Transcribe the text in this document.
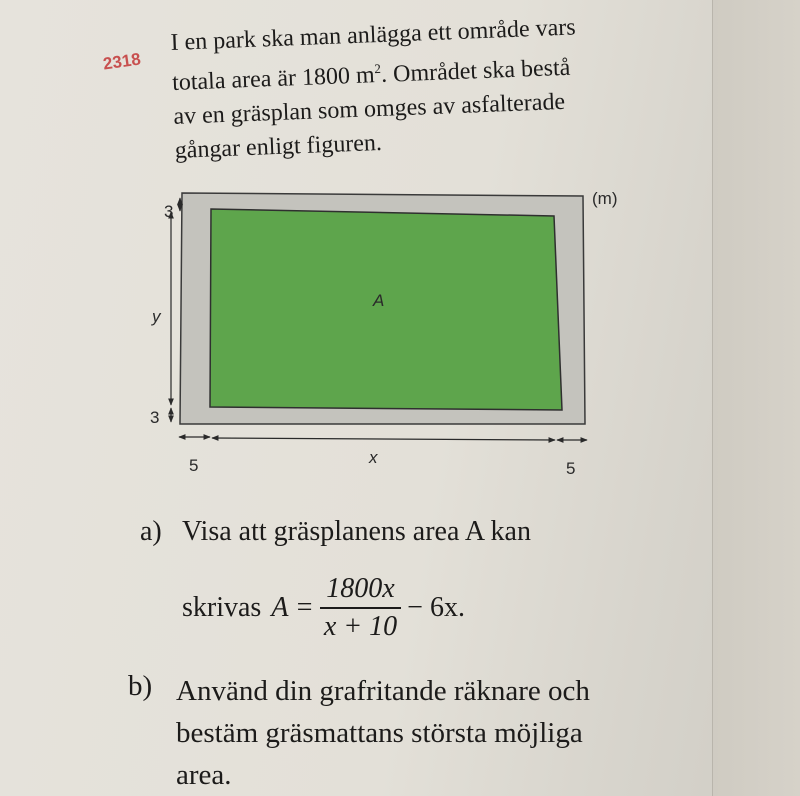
2318

I en park ska man anlägga ett område vars
totala area är 1800 $m^2$. Området ska bestå
av en gräsplan som omges av asfalterade
gångar enligt figuren.

(m)
A
y
x
3
3
5	5
a) Visa att gräsplanens area A kan
skrivas $A = \frac{1800x}{x + 10} - 6x$.
b) Använd din grafritande räknare och
bestäm gräsmattans största möjliga
area.
